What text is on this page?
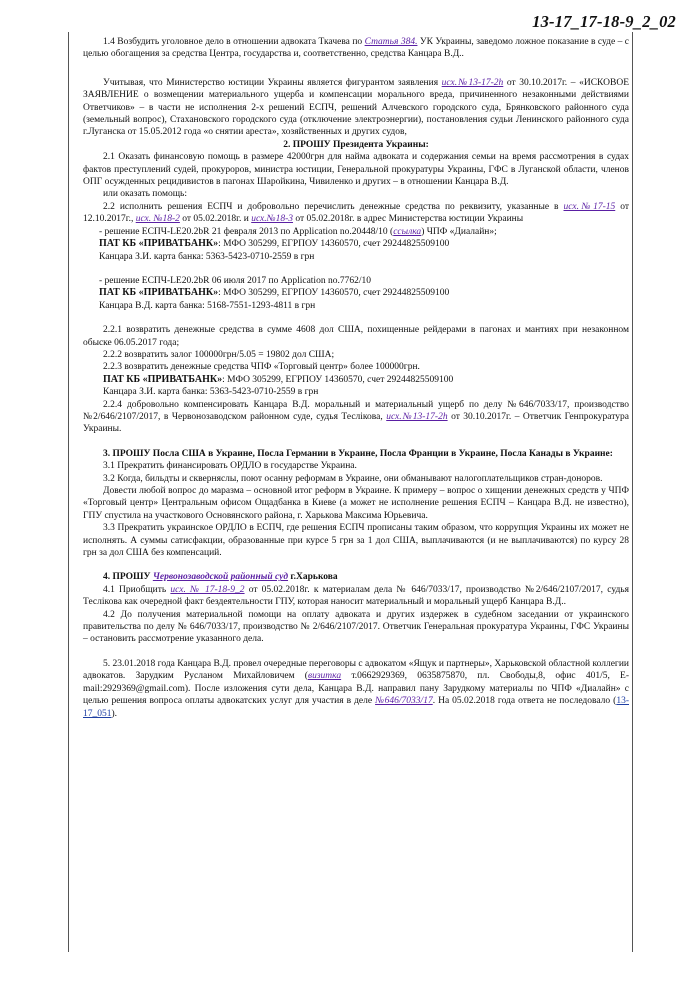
13-17_17-18-9_2_02

1.4 Возбудить уголовное дело в отношении адвоката Ткачева по Статья 384. УК Украины, заведомо ложное показание в суде – с целью обогащения за средства Центра, государства и, соответственно, средства Канцара В.Д..

Учитывая, что Министерство юстиции Украины является фигурантом заявления исх.№13-17-2h от 30.10.2017г. – «ИСКОВОЕ ЗАЯВЛЕНИЕ о возмещении материального ущерба и компенсации морального вреда, причиненного незаконными действиями Ответчиков» – в части не исполнения 2-х решений ЕСПЧ, решений Алчевского городского суда, Брянковского районного суда (земельный вопрос), Стахановского городского суда (отключение электроэнергии), постановления судьи Ленинского районного суда г.Луганска от 15.05.2012 года «о снятии ареста», хозяйственных и других судов,

2. ПРОШУ Президента Украины:

2.1 Оказать финансовую помощь в размере 42000грн для найма адвоката и содержания семьи на время рассмотрения в судах фактов преступлений судей, прокуроров, министра юстиции, Генеральной прокуратуры Украины, ГФС в Луганской области, членов ОПГ осужденных рецидивистов в пагонах Шаройкина, Чивиленко и других – в отношении Канцара В.Д.

или оказать помощь:

2.2 исполнить решения ЕСПЧ и добровольно перечислить денежные средства по реквизиту, указанные в исх.№17-15 от 12.10.2017г., исх. №18-2 от 05.02.2018г. и исх.№18-3 от 05.02.2018г. в адрес Министерства юстиции Украины

- решение ЕСПЧ-LE20.2bR 21 февраля 2013 по Application no.20448/10 (ссылка) ЧПФ «Диалайн»;

ПАТ КБ «ПРИВАТБАНК»: МФО 305299, ЕГРПОУ 14360570, счет 29244825509100

Канцара З.И. карта банка: 5363-5423-0710-2559 в грн

- решение ЕСПЧ-LE20.2bR 06 июля 2017 по Application no.7762/10

ПАТ КБ «ПРИВАТБАНК»: МФО 305299, ЕГРПОУ 14360570, счет 29244825509100

Канцара В.Д. карта банка: 5168-7551-1293-4811 в грн

2.2.1 возвратить денежные средства в сумме 4608 дол США, похищенные рейдерами в пагонах и мантиях при незаконном обыске 06.05.2017 года;

2.2.2 возвратить залог 100000грн/5.05 = 19802 дол США;

2.2.3 возвратить денежные средства ЧПФ «Торговый центр» более 100000грн.

ПАТ КБ «ПРИВАТБАНК»: МФО 305299, ЕГРПОУ 14360570, счет 29244825509100

Канцара З.И. карта банка: 5363-5423-0710-2559 в грн

2.2.4 добровольно компенсировать Канцара В.Д. моральный и материальный ущерб по делу №646/7033/17, производство №2/646/2107/2017, в Червонозаводском районном суде, судья Теслікова, исх.№13-17-2h от 30.10.2017г. – Ответчик Генпрокуратура Украины.

3. ПРОШУ Посла США в Украине, Посла Германии в Украине, Посла Франции в Украине, Посла Канады в Украине:

3.1 Прекратить финансировать ОРДЛО в государстве Украина.

3.2 Когда, бильдты и скверняслы, поют осанну реформам в Украине, они обманывают налогоплательщиков стран-доноров.

Довести любой вопрос до маразма – основной итог реформ в Украине. К примеру – вопрос о хищении денежных средств у ЧПФ «Торговый центр» Центральным офисом Ощадбанка в Киеве (а может не исполнение решения ЕСПЧ – Канцара В.Д. не известно), ГПУ спустила на участкового Основянского района, г. Харькова Максима Юрьевича.

3.3 Прекратить украинское ОРДЛО в ЕСПЧ, где решения ЕСПЧ прописаны таким образом, что коррупция Украины их может не исполнять. А суммы сатисфакции, образованные при курсе 5 грн за 1 дол США, выплачиваются (и не выплачиваются) по курсу 28 грн за дол США без компенсаций.

4. ПРОШУ Червонозаводской районный суд г.Харькова

4.1 Приобщить исх. № 17-18-9_2 от 05.02.2018г. к материалам дела № 646/7033/17, производство №2/646/2107/2017, судья Теслікова как очередной факт бездеятельности ГПУ, которая наносит материальный и моральный ущерб Канцара В.Д..

4.2 До получения материальной помощи на оплату адвоката и других издержек в судебном заседании от украинского правительства по делу № 646/7033/17, производство № 2/646/2107/2017. Ответчик Генеральная прокуратура Украины, ГФС Украины – остановить рассмотрение указанного дела.

5. 23.01.2018 года Канцара В.Д. провел очередные переговоры с адвокатом «Ящук и партнеры», Харьковской областной коллегии адвокатов. Зарудким Русланом Михайловичем (визитка т.0662929369, 0635875870, пл. Свободы,8, офис 401/5, E-mail:2929369@gmail.com). После изложения сути дела, Канцара В.Д. направил пану Зарудкому материалы по ЧПФ «Диалайн» с целью решения вопроса оплаты адвокатских услуг для участия в деле №646/7033/17. На 05.02.2018 года ответа не последовало (13-17_051).
